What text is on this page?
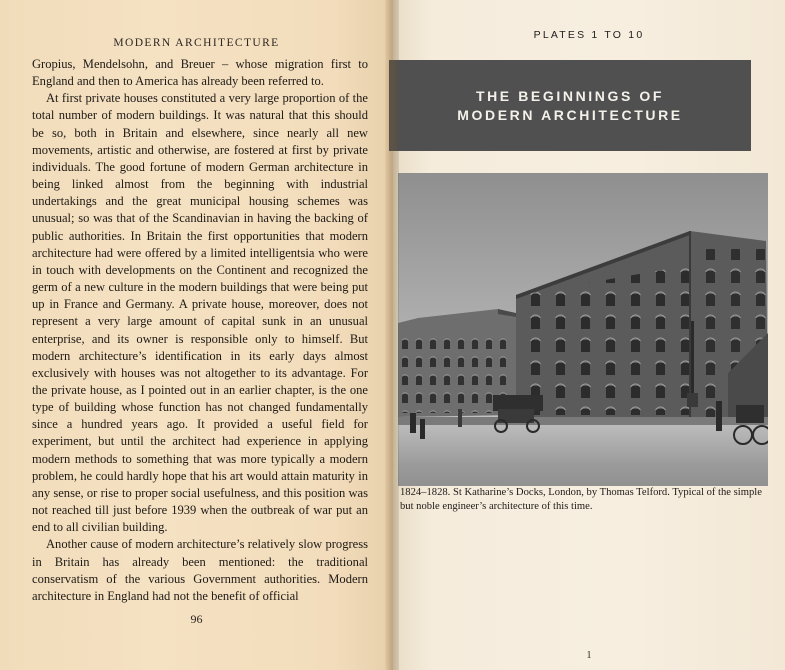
MODERN ARCHITECTURE

Gropius, Mendelsohn, and Breuer – whose migration first to England and then to America has already been referred to.

At first private houses constituted a very large proportion of the total number of modern buildings. It was natural that this should be so, both in Britain and elsewhere, since nearly all new movements, artistic and otherwise, are fostered at first by private individuals. The good fortune of modern German architecture in being linked almost from the beginning with industrial undertakings and the great municipal housing schemes was unusual; so was that of the Scandinavian in having the backing of public authorities. In Britain the first opportunities that modern architecture had were offered by a limited intelligentsia who were in touch with developments on the Continent and recognized the germ of a new culture in the modern buildings that were being put up in France and Germany. A private house, moreover, does not represent a very large amount of capital sunk in an unusual enterprise, and its owner is responsible only to himself. But modern architecture’s identification in its early days almost exclusively with houses was not altogether to its advantage. For the private house, as I pointed out in an earlier chapter, is the one type of building whose function has not changed fundamentally since a hundred years ago. It provided a useful field for experiment, but until the architect had experience in applying modern methods to something that was more typically a modern problem, he could hardly hope that his art would attain maturity in any sense, or rise to proper social usefulness, and this position was not reached till just before 1939 when the outbreak of war put an end to all civilian building.

Another cause of modern architecture’s relatively slow progress in Britain has already been mentioned: the traditional conservatism of the various Government authorities. Modern architecture in England had not the benefit of official

96
PLATES 1 TO 10
THE BEGINNINGS OF
MODERN ARCHITECTURE
1824–1828. St Katharine’s Docks, London, by Thomas Telford. Typical of the simple but noble engineer’s architecture of this time.
1
